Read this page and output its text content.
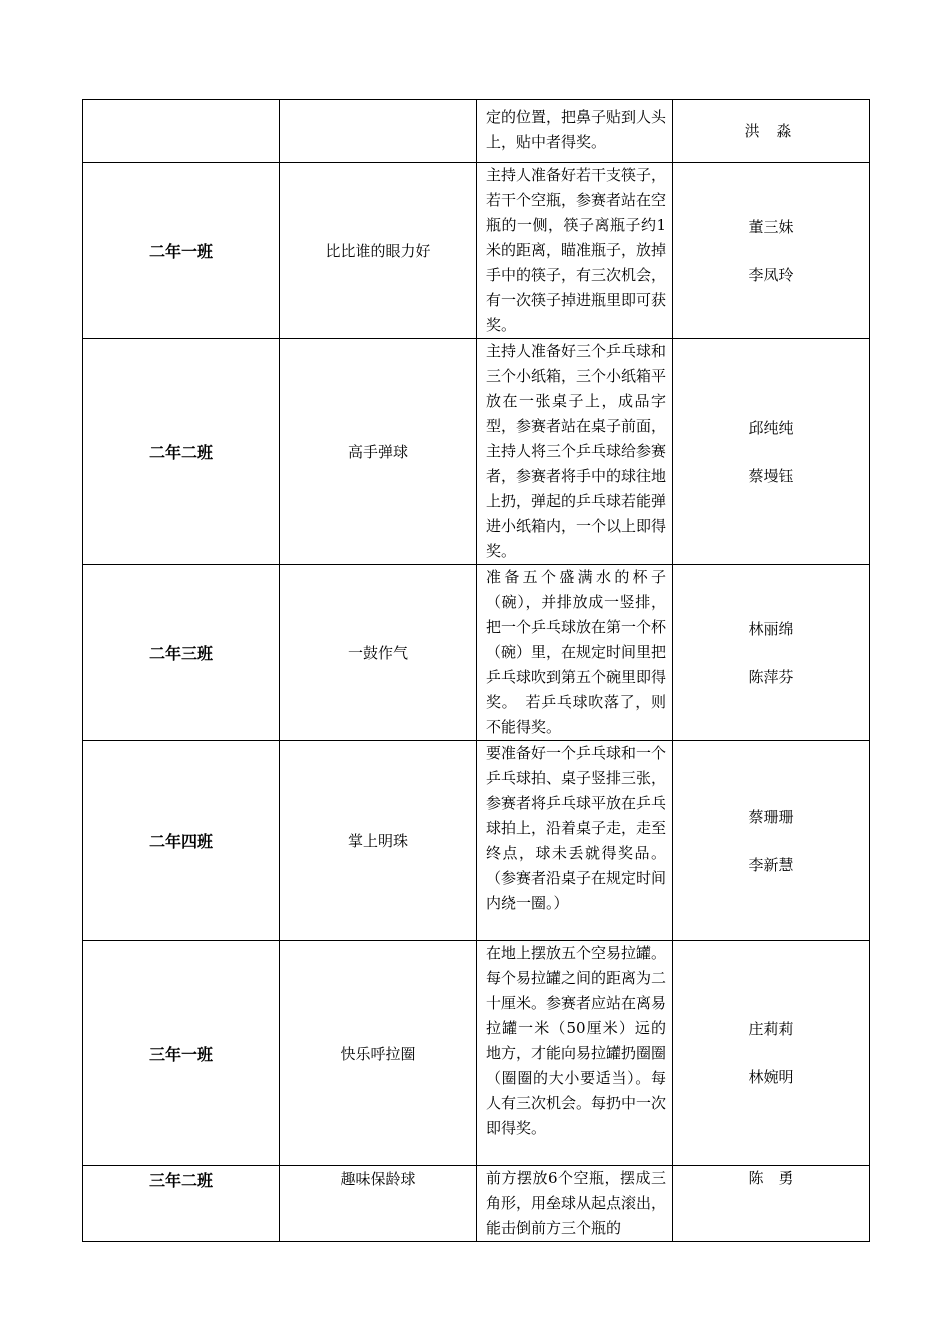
		定的位置，把鼻子贴到人头上，贴中者得奖。	洪 淼

二年一班	比比谁的眼力好	主持人准备好若干支筷子，若干个空瓶，参赛者站在空瓶的一侧，筷子离瓶子约1米的距离，瞄准瓶子，放掉手中的筷子，有三次机会，有一次筷子掉进瓶里即可获奖。	董三妹
李凤玲

二年二班	高手弹球	主持人准备好三个乒乓球和三个小纸箱，三个小纸箱平放在一张桌子上，成品字型，参赛者站在桌子前面，主持人将三个乒乓球给参赛者，参赛者将手中的球往地上扔，弹起的乒乓球若能弹进小纸箱内，一个以上即得奖。	邱纯纯
蔡墁钰

二年三班	一鼓作气	准备五个盛满水的杯子（碗），并排放成一竖排，把一个乒乓球放在第一个杯（碗）里，在规定时间里把乒乓球吹到第五个碗里即得奖。　若乒乓球吹落了，则不能得奖。	林丽绵
陈萍芬

二年四班	掌上明珠	要准备好一个乒乓球和一个乒乓球拍、桌子竖排三张，参赛者将乒乓球平放在乒乓球拍上，沿着桌子走，走至终点，球未丢就得奖品。（参赛者沿桌子在规定时间内绕一圈。）	蔡珊珊
李新慧

三年一班	快乐呼拉圈	在地上摆放五个空易拉罐。每个易拉罐之间的距离为二十厘米。参赛者应站在离易拉罐一米（50厘米）远的地方，才能向易拉罐扔圈圈（圈圈的大小要适当）。每人有三次机会。每扔中一次即得奖。	庄莉莉
林婉明

三年二班	趣味保龄球	前方摆放6个空瓶，摆成三角形，用垒球从起点滚出，能击倒前方三个瓶的	陈　勇
